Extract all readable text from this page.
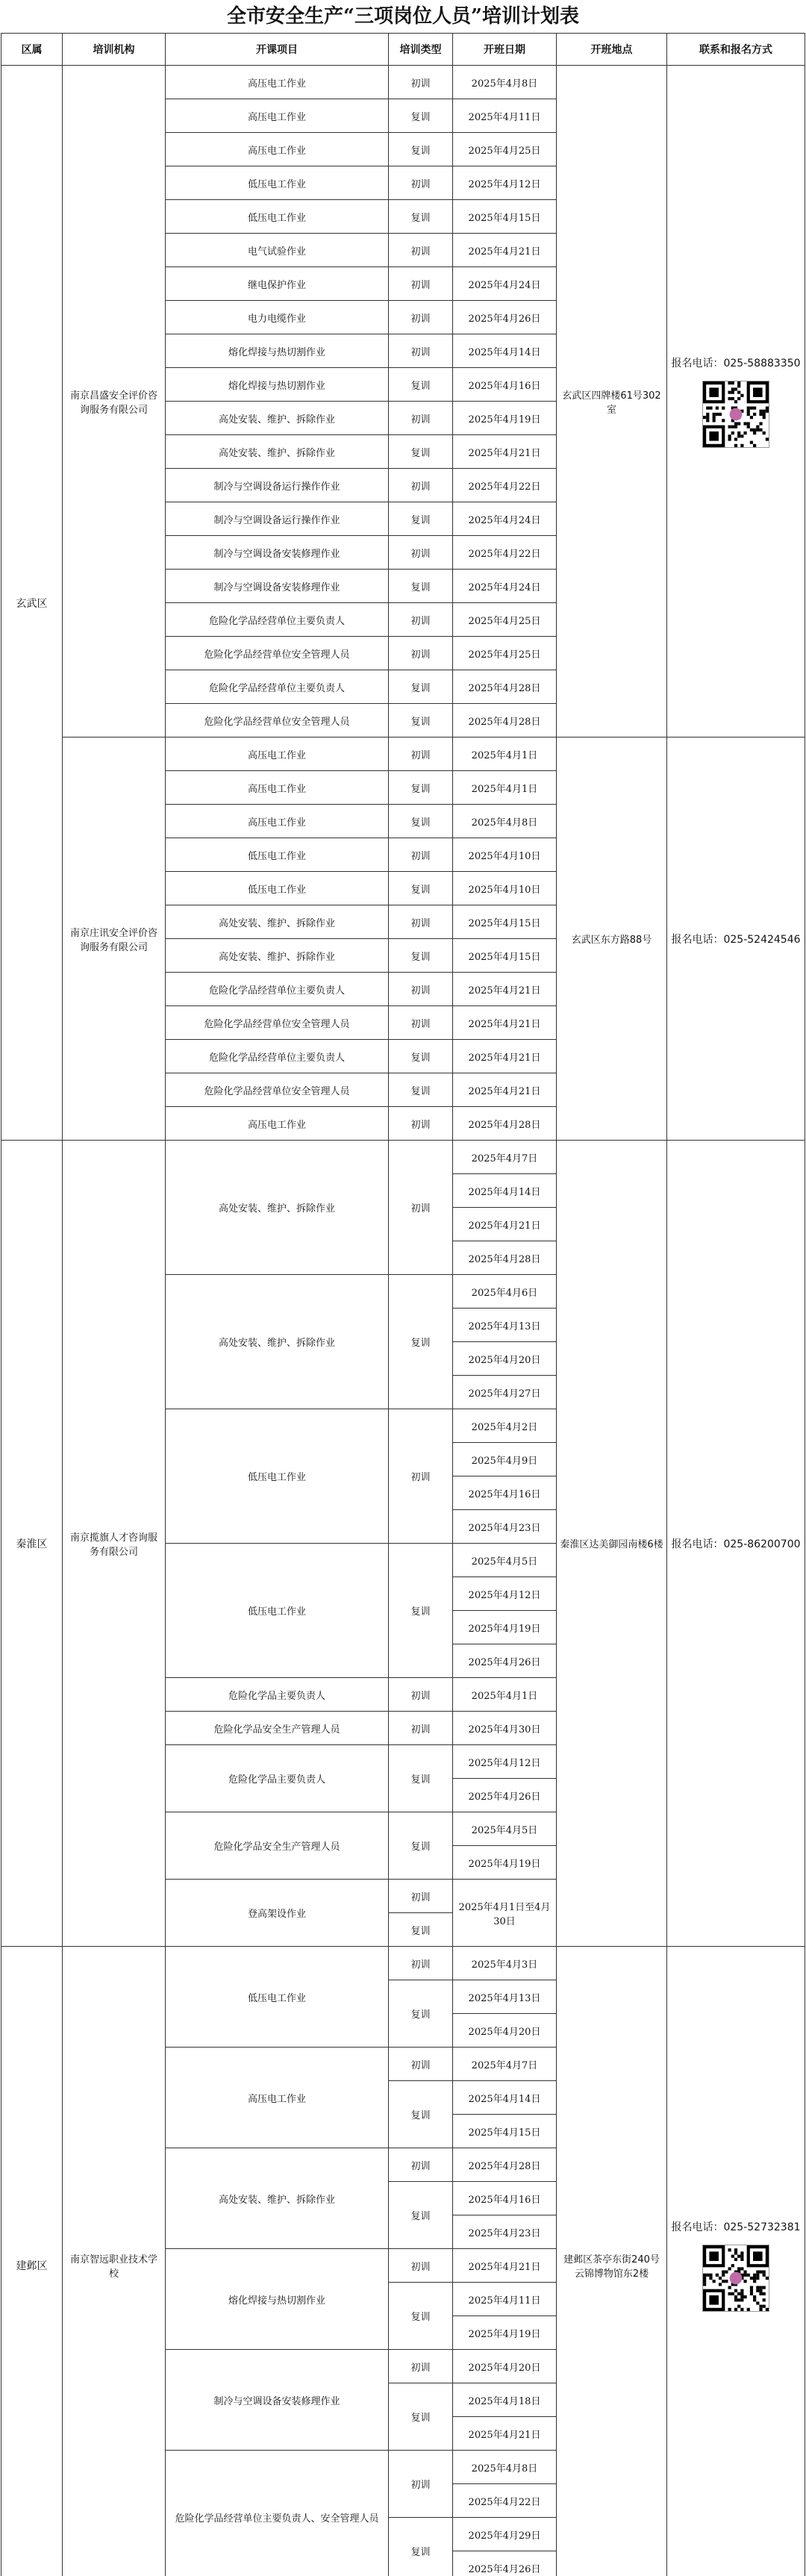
全市安全生产“三项岗位人员”培训计划表
区属	培训机构	开课项目	培训类型	开班日期	开班地点	联系和报名方式
玄武区	南京昌盛安全评价咨询服务有限公司	高压电工作业	初训	2025年4月8日	玄武区四牌楼61号302室	报名电话：025-58883350

		高压电工作业	复训	2025年4月11日		
		高压电工作业	复训	2025年4月25日		
		低压电工作业	初训	2025年4月12日		
		低压电工作业	复训	2025年4月15日		
		电气试验作业	初训	2025年4月21日		
		继电保护作业	初训	2025年4月24日		
		电力电缆作业	初训	2025年4月26日		
		熔化焊接与热切割作业	初训	2025年4月14日		
		熔化焊接与热切割作业	复训	2025年4月16日		
		高处安装、维护、拆除作业	初训	2025年4月19日		
		高处安装、维护、拆除作业	复训	2025年4月21日		
		制冷与空调设备运行操作作业	初训	2025年4月22日		
		制冷与空调设备运行操作作业	复训	2025年4月24日		
		制冷与空调设备安装修理作业	初训	2025年4月22日		
		制冷与空调设备安装修理作业	复训	2025年4月24日		
		危险化学品经营单位主要负责人	初训	2025年4月25日		
		危险化学品经营单位安全管理人员	初训	2025年4月25日		
		危险化学品经营单位主要负责人	复训	2025年4月28日		
		危险化学品经营单位安全管理人员	复训	2025年4月28日		
	南京庄讯安全评价咨询服务有限公司	高压电工作业	初训	2025年4月1日	玄武区东方路88号	报名电话：025-52424546

		高压电工作业	复训	2025年4月1日		
		高压电工作业	复训	2025年4月8日		
		低压电工作业	初训	2025年4月10日		
		低压电工作业	复训	2025年4月10日		
		高处安装、维护、拆除作业	初训	2025年4月15日		
		高处安装、维护、拆除作业	复训	2025年4月15日		
		危险化学品经营单位主要负责人	初训	2025年4月21日		
		危险化学品经营单位安全管理人员	初训	2025年4月21日		
		危险化学品经营单位主要负责人	复训	2025年4月21日		
		危险化学品经营单位安全管理人员	复训	2025年4月21日		
		高压电工作业	初训	2025年4月28日		
秦淮区	南京揽旗人才咨询服务有限公司	高处安装、维护、拆除作业	初训	2025年4月7日	秦淮区达美御园南楼6楼	报名电话：025-86200700

				2025年4月14日		
				2025年4月21日		
				2025年4月28日		
		高处安装、维护、拆除作业	复训	2025年4月6日		
				2025年4月13日		
				2025年4月20日		
				2025年4月27日		
		低压电工作业	初训	2025年4月2日		
				2025年4月9日		
				2025年4月16日		
				2025年4月23日		
		低压电工作业	复训	2025年4月5日		
				2025年4月12日		
				2025年4月19日		
				2025年4月26日		
		危险化学品主要负责人	初训	2025年4月1日		
		危险化学品安全生产管理人员	初训	2025年4月30日		
		危险化学品主要负责人	复训	2025年4月12日		
				2025年4月26日		
		危险化学品安全生产管理人员	复训	2025年4月5日		
				2025年4月19日		
		登高架设作业	初训	2025年4月1日至4月30日		
			复训			
建邺区	南京智远职业技术学校	低压电工作业	初训	2025年4月3日	建邺区茶亭东街240号云锦博物馆东2楼	报名电话：025-52732381

			复训	2025年4月13日		
				2025年4月20日		
		高压电工作业	初训	2025年4月7日		
			复训	2025年4月14日		
				2025年4月15日		
		高处安装、维护、拆除作业	初训	2025年4月28日		
			复训	2025年4月16日		
				2025年4月23日		
		熔化焊接与热切割作业	初训	2025年4月21日		
			复训	2025年4月11日		
				2025年4月19日		
		制冷与空调设备安装修理作业	初训	2025年4月20日		
			复训	2025年4月18日		
				2025年4月21日		
		危险化学品经营单位主要负责人、安全管理人员	初训	2025年4月8日		
				2025年4月22日		
			复训	2025年4月29日		
				2025年4月26日		
